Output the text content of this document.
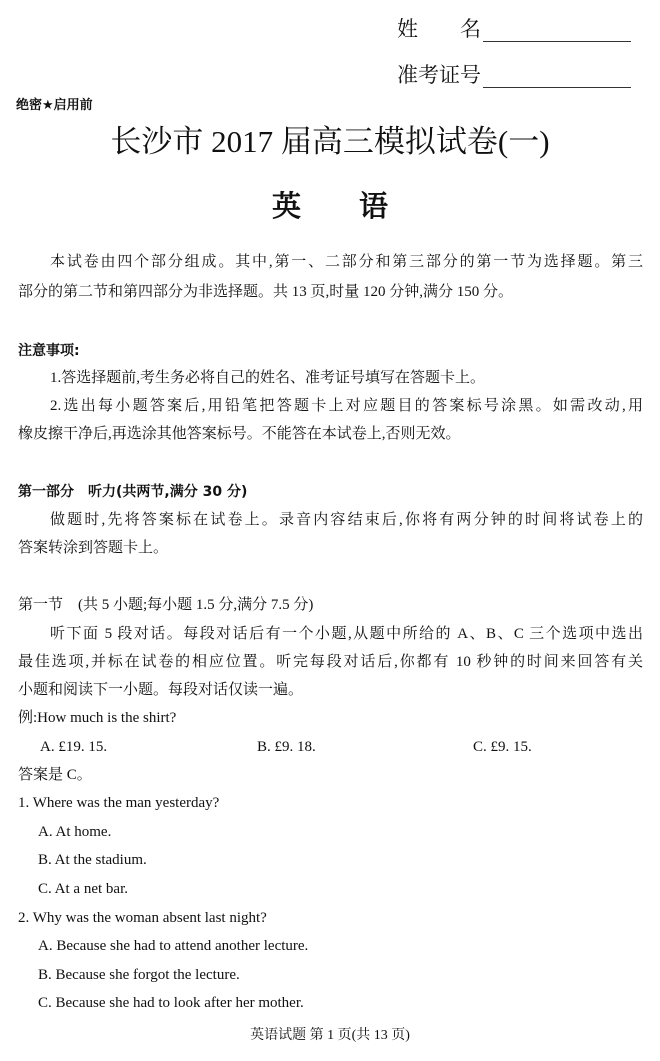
姓　　名
准考证号
绝密★启用前
长沙市 2017 届高三模拟试卷(一)
英　　语
本试卷由四个部分组成。其中,第一、二部分和第三部分的第一节为选择题。第三
部分的第二节和第四部分为非选择题。共 13 页,时量 120 分钟,满分 150 分。
注意事项:
1.答选择题前,考生务必将自己的姓名、准考证号填写在答题卡上。
2.选出每小题答案后,用铅笔把答题卡上对应题目的答案标号涂黑。如需改动,用
橡皮擦干净后,再选涂其他答案标号。不能答在本试卷上,否则无效。
第一部分　听力(共两节,满分 30 分)
做题时,先将答案标在试卷上。录音内容结束后,你将有两分钟的时间将试卷上的
答案转涂到答题卡上。
第一节　(共 5 小题;每小题 1.5 分,满分 7.5 分)
听下面 5 段对话。每段对话后有一个小题,从题中所给的 A、B、C 三个选项中选出
最佳选项,并标在试卷的相应位置。听完每段对话后,你都有 10 秒钟的时间来回答有关
小题和阅读下一小题。每段对话仅读一遍。
例:How much is the shirt?
A. £19. 15.	B. £9. 18.	C. £9. 15.
答案是 C。
1. Where was the man yesterday?
A. At home.
B. At the stadium.
C. At a net bar.
2. Why was the woman absent last night?
A. Because she had to attend another lecture.
B. Because she forgot the lecture.
C. Because she had to look after her mother.
英语试题 第 1 页(共 13 页)
